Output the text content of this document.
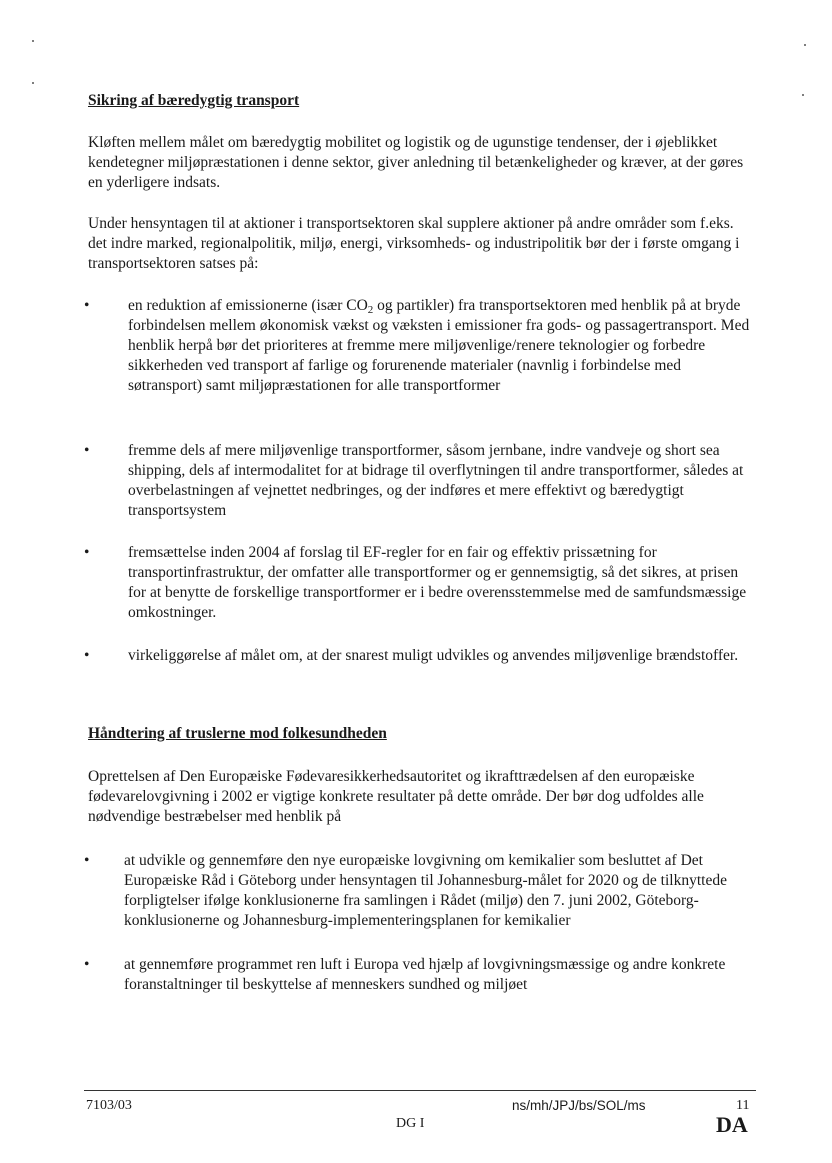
Sikring af bæredygtig transport
Kløften mellem målet om bæredygtig mobilitet og logistik og de ugunstige tendenser, der i øjeblikket kendetegner miljøpræstationen i denne sektor, giver anledning til betænkeligheder og kræver, at der gøres en yderligere indsats.
Under hensyntagen til at aktioner i transportsektoren skal supplere aktioner på andre områder som f.eks. det indre marked, regionalpolitik, miljø, energi, virksomheds- og industripolitik bør der i første omgang i transportsektoren satses på:
•	en reduktion af emissionerne (især $CO_2$ og partikler) fra transportsektoren med henblik på at bryde forbindelsen mellem økonomisk vækst og væksten i emissioner fra gods- og passagertransport. Med henblik herpå bør det prioriteres at fremme mere miljøvenlige/renere teknologier og forbedre sikkerheden ved transport af farlige og forurenende materialer (navnlig i forbindelse med søtransport) samt miljøpræstationen for alle transportformer
•	fremme dels af mere miljøvenlige transportformer, såsom jernbane, indre vandveje og short sea shipping, dels af intermodalitet for at bidrage til overflytningen til andre transportformer, således at overbelastningen af vejnettet nedbringes, og der indføres et mere effektivt og bæredygtigt transportsystem
•	fremsættelse inden 2004 af forslag til EF-regler for en fair og effektiv prissætning for transportinfrastruktur, der omfatter alle transportformer og er gennemsigtig, så det sikres, at prisen for at benytte de forskellige transportformer er i bedre overensstemmelse med de samfundsmæssige omkostninger.
•	virkeliggørelse af målet om, at der snarest muligt udvikles og anvendes miljøvenlige brændstoffer.
Håndtering af truslerne mod folkesundheden
Oprettelsen af Den Europæiske Fødevaresikkerhedsautoritet og ikrafttrædelsen af den europæiske fødevarelovgivning i 2002 er vigtige konkrete resultater på dette område. Der bør dog udfoldes alle nødvendige bestræbelser med henblik på
•	at udvikle og gennemføre den nye europæiske lovgivning om kemikalier som besluttet af Det Europæiske Råd i Göteborg under hensyntagen til Johannesburg-målet for 2020 og de tilknyttede forpligtelser ifølge konklusionerne fra samlingen i Rådet (miljø) den 7. juni 2002, Göteborg-konklusionerne og Johannesburg-implementeringsplanen for kemikalier
•	at gennemføre programmet ren luft i Europa ved hjælp af lovgivningsmæssige og andre konkrete foranstaltninger til beskyttelse af menneskers sundhed og miljøet
7103/03	ns/mh/JPJ/bs/SOL/ms	11
DG I	DA
